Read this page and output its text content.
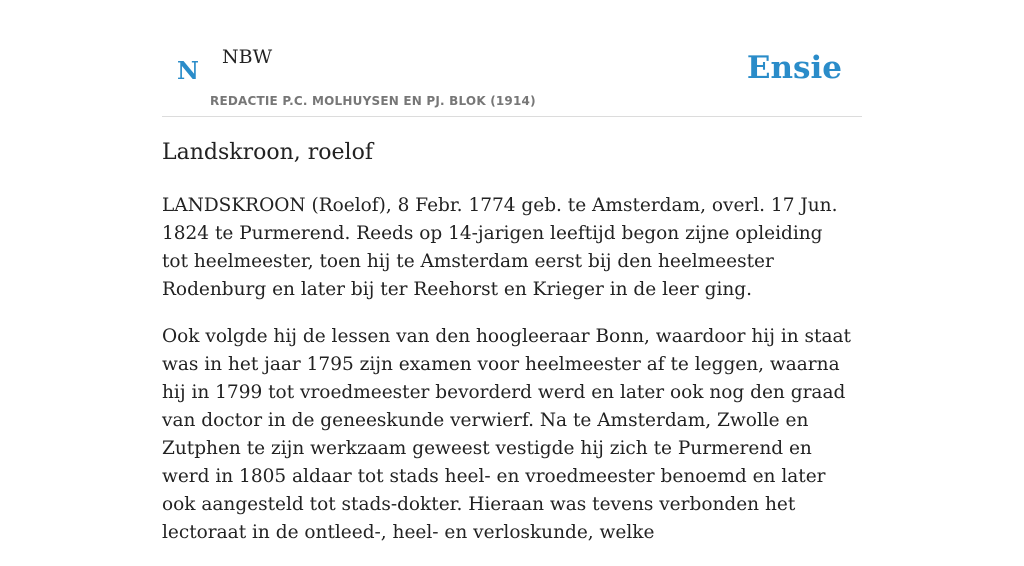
N NBW
REDACTIE P.C. MOLHUYSEN EN PJ. BLOK (1914)
Ensie
Landskroon, roelof

LANDSKROON (Roelof), 8 Febr. 1774 geb. te Amsterdam, overl. 17 Jun. 1824 te Purmerend. Reeds op 14-jarigen leeftijd begon zijne opleiding tot heelmeester, toen hij te Amsterdam eerst bij den heelmeester Rodenburg en later bij ter Reehorst en Krieger in de leer ging.

Ook volgde hij de lessen van den hoogleeraar Bonn, waardoor hij in staat was in het jaar 1795 zijn examen voor heelmeester af te leggen, waarna hij in 1799 tot vroedmeester bevorderd werd en later ook nog den graad van doctor in de geneeskunde verwierf. Na te Amsterdam, Zwolle en Zutphen te zijn werkzaam geweest vestigde hij zich te Purmerend en werd in 1805 aldaar tot stads heel- en vroedmeester benoemd en later ook aangesteld tot stads-dokter. Hieraan was tevens verbonden het lectoraat in de ontleed-, heel- en verloskunde, welke
